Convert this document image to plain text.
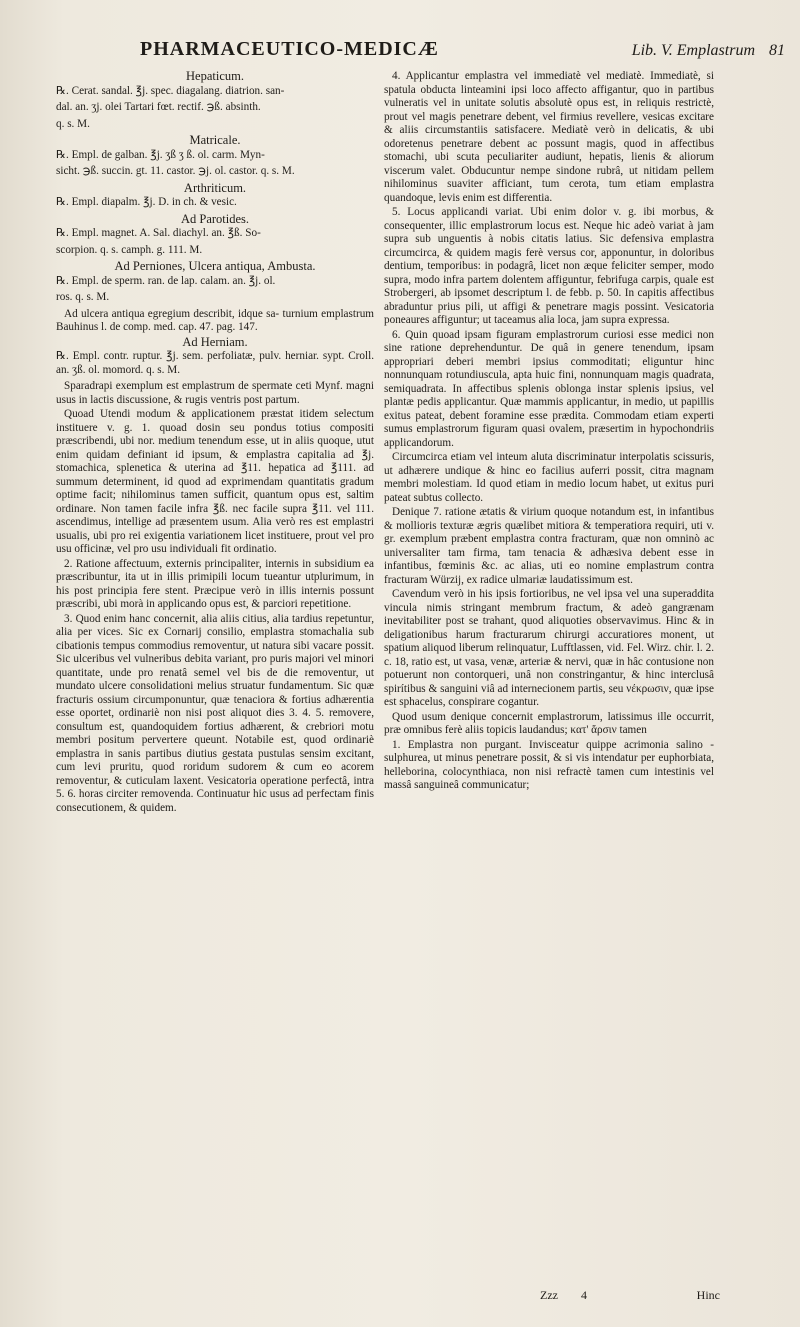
PHARMACEUTICO-MEDICÆ	Lib. V. Emplastrum 81

Hepaticum.

℞. Cerat. sandal. ℥j. spec. diagalang. diatrion. san-

dal. an. ʒj. olei Tartari fœt. rectif. ℈ß. absinth.

q. s. M.

Matricale.

℞. Empl. de galban. ℥j. ʒß ʒ ß. ol. carm. Myn-

sicht. ℈ß. succin. gt. 11. castor. ℈j. ol. castor. q. s. M.

Arthriticum.

℞. Empl. diapalm. ℥j. D. in ch. & vesic.

Ad Parotides.

℞. Empl. magnet. A. Sal. diachyl. an. ℥ß. So-

scorpion. q. s. camph. g. 111. M.

Ad Perniones, Ulcera antiqua, Ambusta.

℞. Empl. de sperm. ran. de lap. calam. an. ℥j. ol.

ros. q. s. M.

Ad ulcera antiqua egregium describit, idque sa- turnium emplastrum Bauhinus l. de comp. med. cap. 47. pag. 147.

Ad Herniam.

℞. Empl. contr. ruptur. ℥j. sem. perfoliatæ, pulv. herniar. sypt. Croll. an. ʒß. ol. momord. q. s. M.

Sparadrapi exemplum est emplastrum de spermate ceti Mynf. magni usus in lactis discussione, & rugis ventris post partum.

Quoad Utendi modum & applicationem præstat itidem selectum instituere v. g. 1. quoad dosin seu pondus totius compositi præscribendi, ubi nor. medium tenendum esse, ut in aliis quoque, utut enim quidam definiant id ipsum, & emplastra capitalia ad ℥j. stomachica, splenetica & uterina ad ℥11. hepatica ad ℥111. ad summum determinent, id quod ad exprimendam quantitatis gradum optime facit; nihilominus tamen sufficit, quantum opus est, saltim ordinare. Non tamen facile infra ℥ß. nec facile supra ℥11. vel 111. ascendimus, intellige ad præsentem usum. Alia verò res est emplastri usualis, ubi pro rei exigentia variationem licet instituere, prout vel pro usu officinæ, vel pro usu individuali fit ordinatio.

2. Ratione affectuum, externis principaliter, internis in subsidium ea præscribuntur, ita ut in illis primipili locum tueantur utplurimum, in his post principia fere stent. Præcipue verò in illis internis possunt præscribi, ubi morà in applicando opus est, & parciori repetitione.

3. Quod enim hanc concernit, alia aliis citius, alia tardius repetuntur, alia per vices. Sic ex Cornarij consilio, emplastra stomachalia sub cibationis tempus commodius removentur, ut natura sibi vacare possit. Sic ulceribus vel vulneribus debita variant, pro puris majori vel minori quantitate, unde pro renatâ semel vel bis de die removentur, ut mundato ulcere consolidationi melius struatur fundamentum. Sic quæ fracturis ossium circumponuntur, quæ tenaciora & fortius adhærentia esse oportet, ordinariè non nisi post aliquot dies 3. 4. 5. removere, consultum est, quandoquidem fortius adhærent, & crebriori motu membri positum pervertere queunt. Notabile est, quod ordinariè emplastra in sanis partibus diutius gestata pustulas sensim excitant, cum levi pruritu, quod roridum sudorem & cum eo acorem removentur, & cuticulam laxent. Vesicatoria operatione perfectâ, intra 5. 6. horas circiter removenda. Continuatur hic usus ad perfectam finis consecutionem, & quidem.

4. Applicantur emplastra vel immediatè vel mediatè. Immediatè, si spatula obducta linteamini ipsi loco affecto affigantur, quo in partibus vulneratis vel in unitate solutis absolutè opus est, in reliquis restrictè, prout vel magis penetrare debent, vel firmius revellere, vesicas excitare & aliis circumstantiis satisfacere. Mediatè verò in delicatis, & ubi odoretenus penetrare debent ac possunt magis, quod in affectibus stomachi, ubi scuta peculiariter audiunt, hepatis, lienis & aliorum viscerum valet. Obducuntur nempe sindone rubrâ, ut nitidam pellem nihilominus suaviter afficiant, tum cerota, tum etiam emplastra quandoque, levis enim est differentia.

5. Locus applicandi variat. Ubi enim dolor v. g. ibi morbus, & consequenter, illic emplastrorum locus est. Neque hic adeò variat à jam supra sub unguentis à nobis citatis latius. Sic defensiva emplastra circumcirca, & quidem magis ferè versus cor, apponuntur, in doloribus dentium, temporibus: in podagrâ, licet non æque feliciter semper, modo supra, modo infra partem dolentem affiguntur, febrifuga carpis, quale est Strobergeri, ab ipsomet descriptum l. de febb. p. 50. In capitis affectibus abraduntur prius pili, ut affigi & penetrare magis possint. Vesicatoria poneaures affiguntur; ut taceamus alia loca, jam supra expressa.

6. Quin quoad ipsam figuram emplastrorum curiosi esse medici non sine ratione deprehenduntur. De quâ in genere tenendum, ipsam appropriari deberi membri ipsius commoditati; eliguntur hinc nonnunquam rotundiuscula, apta huic fini, nonnunquam magis quadrata, semiquadrata. In affectibus splenis oblonga instar splenis ipsius, vel plantæ pedis applicantur. Quæ mammis applicantur, in medio, ut papillis exitus pateat, debent foramine esse prædita. Commodam etiam experti sumus emplastrorum figuram quasi ovalem, præsertim in hypochondriis applicandorum.

Circumcirca etiam vel inteum aluta discriminatur interpolatis scissuris, ut adhærere undique & hinc eo facilius auferri possit, citra magnam membri molestiam. Id quod etiam in medio locum habet, ut exitus puri pateat subtus collecto.

Denique 7. ratione ætatis & virium quoque notandum est, in infantibus & mollioris texturæ ægris quælibet mitiora & temperatiora requiri, uti v. gr. exemplum præbent emplastra contra fracturam, quæ non omninò ac universaliter tam firma, tam tenacia & adhæsiva debent esse in infantibus, fœminis &c. ac alias, uti eo nomine emplastrum contra fracturam Würzij, ex radice ulmariæ laudatissimum est.

Cavendum verò in his ipsis fortioribus, ne vel ipsa vel una superaddita vincula nimis stringant membrum fractum, & adeò gangrænam inevitabiliter post se trahant, quod aliquoties observavimus. Hinc & in deligationibus harum fracturarum chirurgi accuratiores monent, ut spatium aliquod liberum relinquatur, Lufftlassen, vid. Fel. Wirz. chir. l. 2. c. 18, ratio est, ut vasa, venæ, arteriæ & nervi, quæ in hâc contusione non potuerunt non contorqueri, unâ non constringantur, & hinc interclusâ spirítibus & sanguini viâ ad internecionem partis, seu νέκρωσιν, quæ ipse est sphacelus, conspirare cogantur.

Quod usum denique concernit emplastrorum, latissimus ille occurrit, præ omnibus ferè aliis topicis laudandus; κατ' ἄρσιν tamen

1. Emplastra non purgant. Invisceatur quippe acrimonia salino - sulphurea, ut minus penetrare possit, & si vis intendatur per euphorbiata, helleborina, colocynthiaca, non nisi refractè tamen cum intestinis vel massâ sanguineâ communicatur;

Zzz 4	Hinc
